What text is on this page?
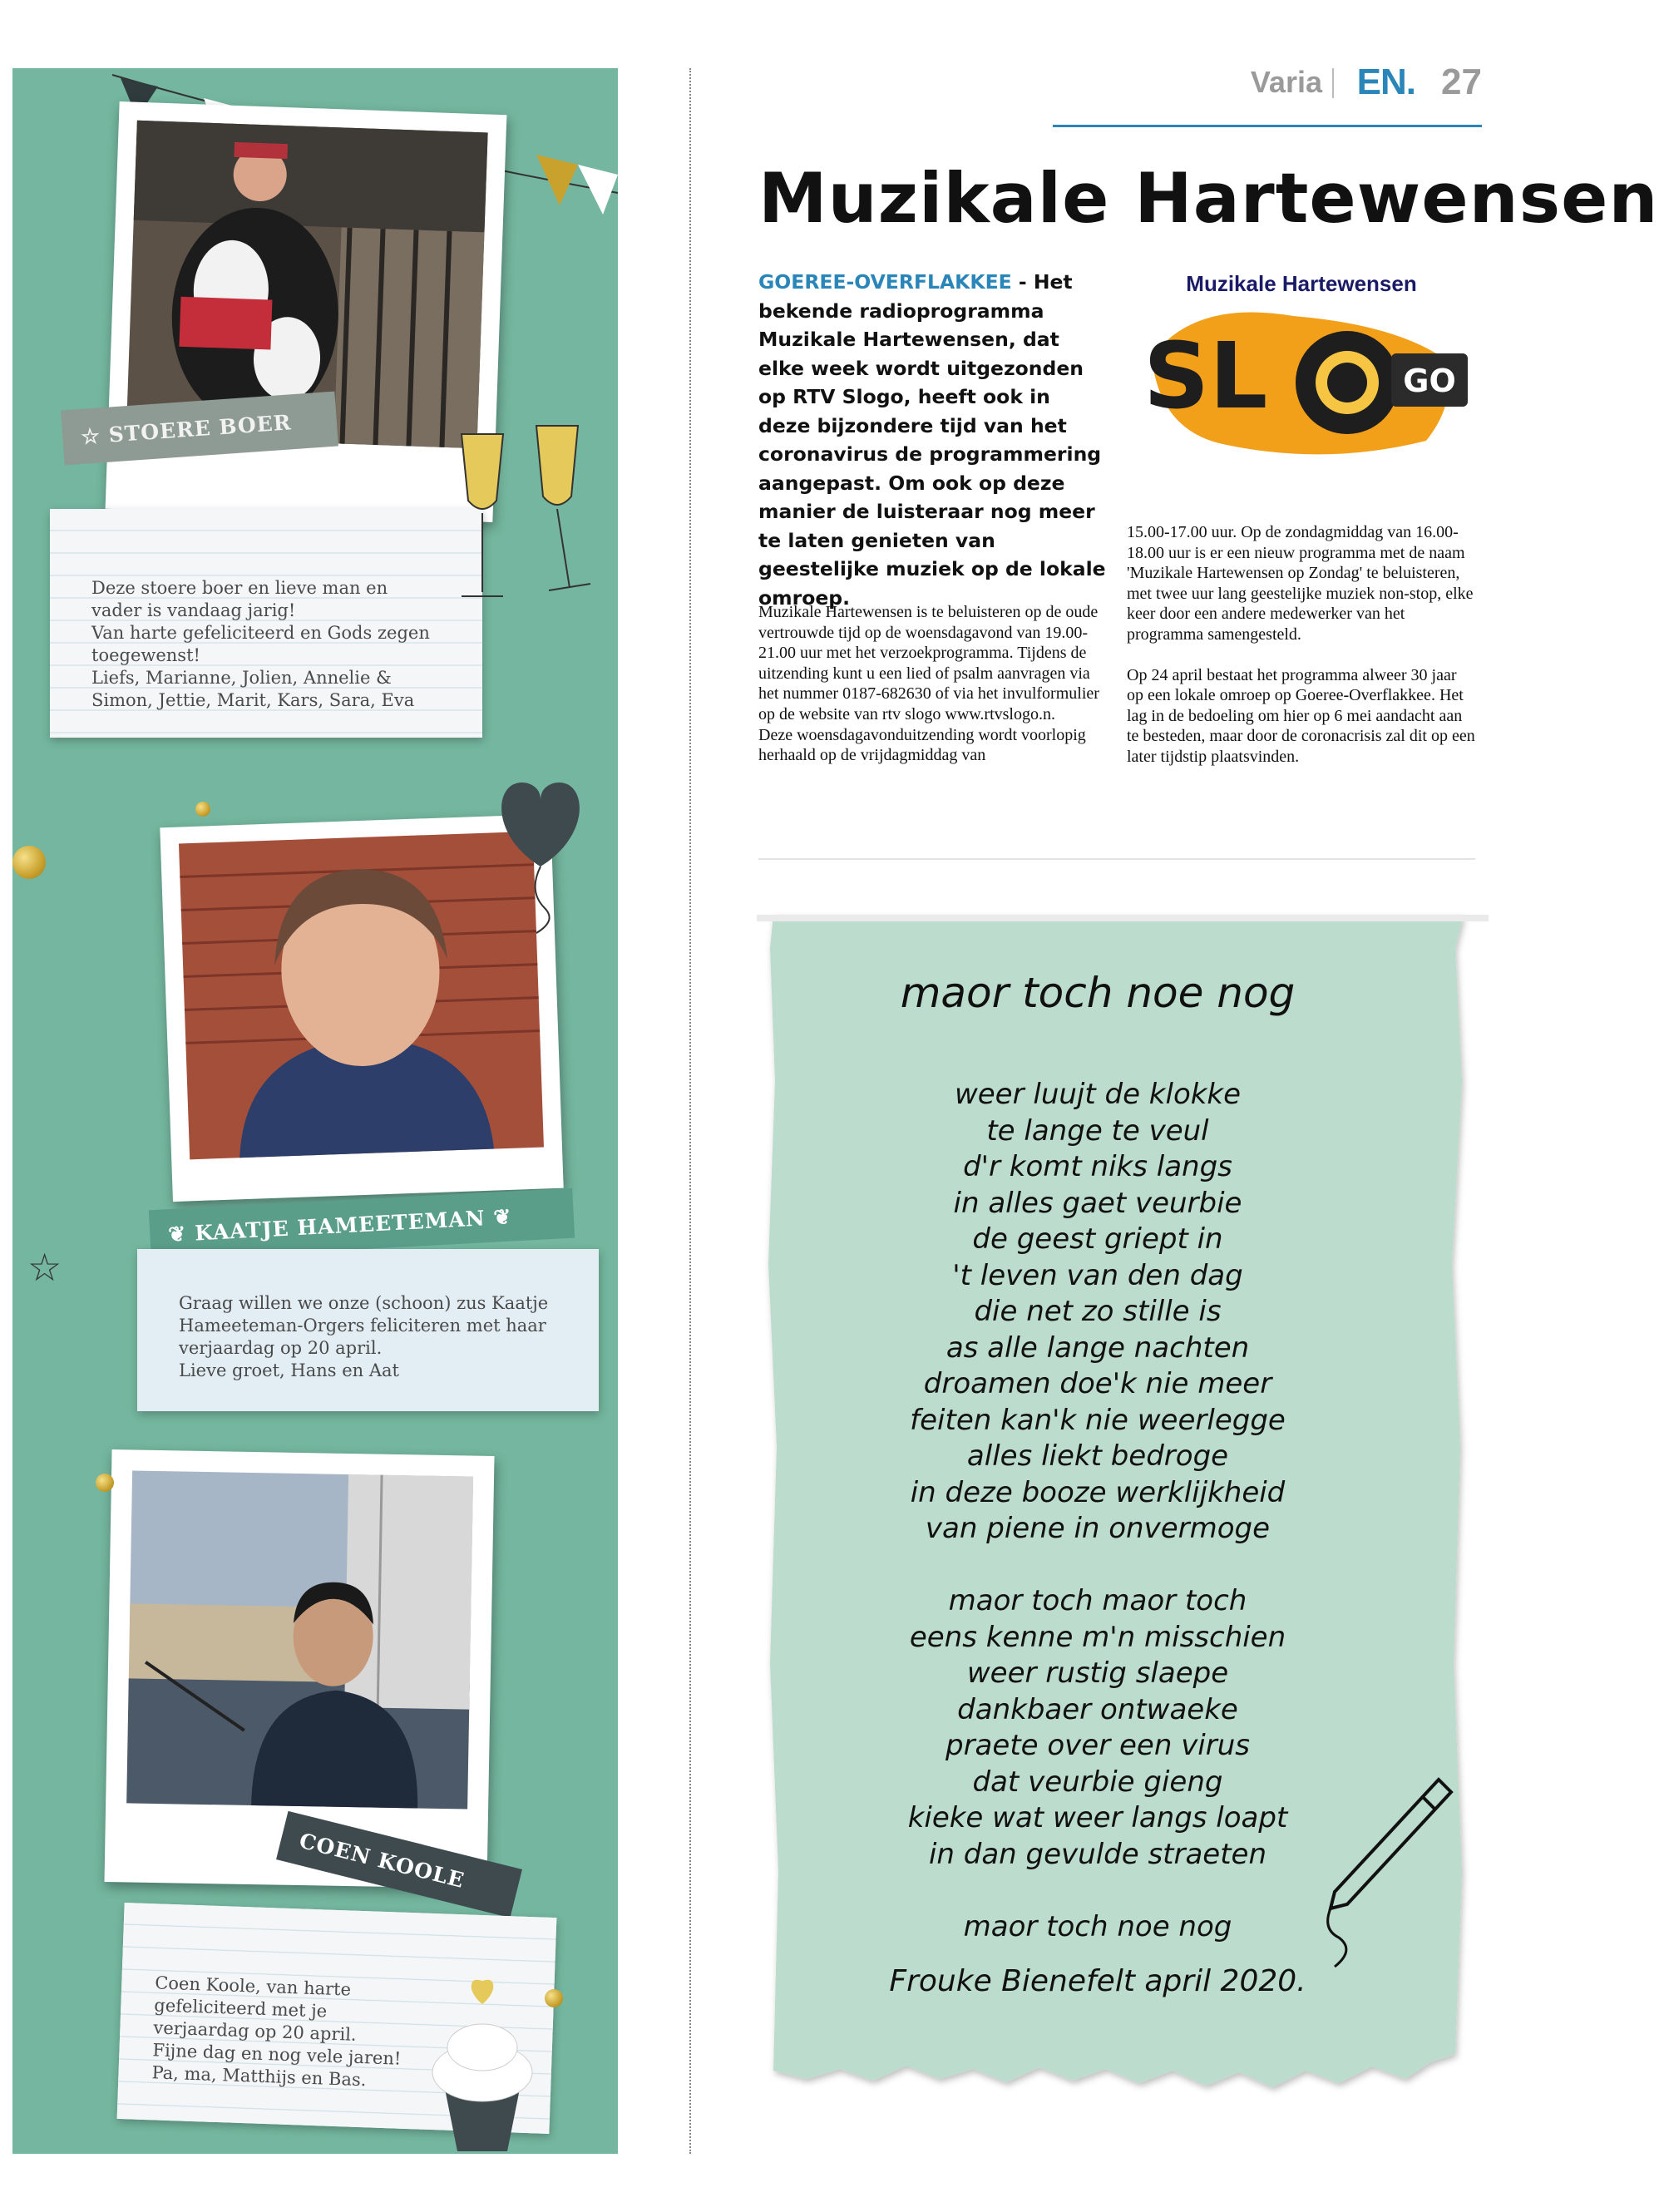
☆ STOERE BOER

Deze stoere boer en lieve man en
vader is vandaag jarig!
Van harte gefeliciteerd en Gods zegen
toegewenst!
Liefs, Marianne, Jolien, Annelie &
Simon, Jettie, Marit, Kars, Sara, Eva

❦ KAATJE HAMEETEMAN ❦

Graag willen we onze (schoon) zus Kaatje
Hameeteman-Orgers feliciteren met haar
verjaardag op 20 april.
Lieve groet, Hans en Aat

☆
COEN KOOLE

Coen Koole, van harte
gefeliciteerd met je
verjaardag op 20 april.
Fijne dag en nog vele jaren!
Pa, ma, Matthijs en Bas.

Varia EN. 27
Muzikale Hartewensen

GOEREE-OVERFLAKKEE - Het bekende radioprogramma Muzikale Hartewensen, dat elke week wordt uitgezonden op RTV Slogo, heeft ook in deze bijzondere tijd van het coronavirus de programmering aangepast. Om ook op deze manier de luisteraar nog meer te laten genieten van geestelijke muziek op de lokale omroep.

Muzikale Hartewensen
SL	GO

Muzikale Hartewensen is te beluisteren op de oude vertrouwde tijd op de woensdagavond van 19.00-21.00 uur met het verzoekprogramma. Tijdens de uitzending kunt u een lied of psalm aanvragen via het nummer 0187-682630 of via het invulformulier op de website van rtv slogo www.rtvslogo.n.
Deze woensdagavonduitzending wordt voorlopig herhaald op de vrijdagmiddag van

15.00-17.00 uur. Op de zondagmiddag van 16.00-18.00 uur is er een nieuw programma met de naam 'Muzikale Hartewensen op Zondag' te beluisteren, met twee uur lang geestelijke muziek non-stop, elke keer door een andere medewerker van het programma samengesteld.

Op 24 april bestaat het programma alweer 30 jaar op een lokale omroep op Goeree-Overflakkee. Het lag in de bedoeling om hier op 6 mei aandacht aan te besteden, maar door de coronacrisis zal dit op een later tijdstip plaatsvinden.

maor toch noe nog

weer luujt de klokke
te lange te veul
d'r komt niks langs
in alles gaet veurbie
de geest griept in
't leven van den dag
die net zo stille is
as alle lange nachten
droamen doe'k nie meer
feiten kan'k nie weerlegge
alles liekt bedroge
in deze booze werklijkheid
van piene in onvermoge
maor toch maor toch
eens kenne m'n misschien
weer rustig slaepe
dankbaer ontwaeke
praete over een virus
dat veurbie gieng
kieke wat weer langs loapt
in dan gevulde straeten
maor toch noe nog

Frouke Bienefelt april 2020.
